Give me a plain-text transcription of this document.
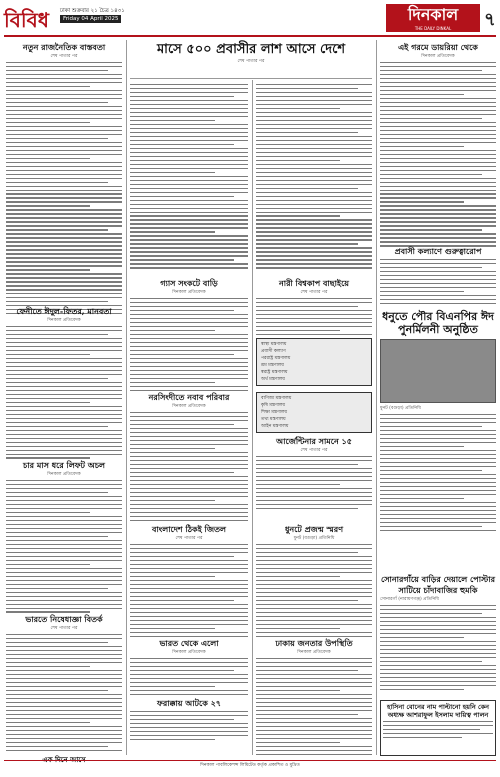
বিবিধ ঢাকা শুক্রবার ২১ চৈত্র ১৪৩১
Friday 04 April 2025	দিনকাল
THE DAILY DINKAL	৭
নতুন রাজনৈতিক বাস্তবতা
শেষ পাতার পর
ফেনীতে ঈদুল-ফিতর, মানবতা
দিনকাল প্রতিবেদক
চার মাস ধরে লিফট অচল
দিনকাল প্রতিবেদক
ভারতে নিষেধাজ্ঞা বিতর্ক
শেষ পাতার পর
এক দিনে আসে
মাসে ৫০০ প্রবাসীর লাশ আসে দেশে
শেষ পাতার পর
গ্যাস সংকটে বাড়ি
দিনকাল প্রতিবেদক
নারী বিশ্বকাপ বাছাইয়ে
শেষ পাতার পর
স্বাস্থ্য মন্ত্রণালয়
প্রবাসী কল্যাণ
পররাষ্ট্র মন্ত্রণালয়
শ্রম মন্ত্রণালয়
স্বরাষ্ট্র মন্ত্রণালয়
অর্থ মন্ত্রণালয়
নরসিংদীতে নবাব পরিবার
দিনকাল প্রতিবেদক
বাণিজ্য মন্ত্রণালয়
কৃষি মন্ত্রণালয়
শিক্ষা মন্ত্রণালয়
তথ্য মন্ত্রণালয়
আইন মন্ত্রণালয়
আর্জেন্টিনার সামনে ১৫
শেষ পাতার পর
বাংলাদেশ ঠিকই জিতল
শেষ পাতার পর
ধুনটে প্রজন্ম স্মরণ
ধুনট (বগুড়া) প্রতিনিধি
ভারত থেকে এলো
দিনকাল প্রতিবেদক
ফরাক্কায় আটকে ২৭
ঢাকায় জনতার উপস্থিতি
দিনকাল প্রতিবেদক
এই গরমে ডায়রিয়া থেকে
দিনকাল প্রতিবেদক
প্রবাসী কল্যাণে গুরুত্বারোপ
ধনুতে পৌর বিএনপির ঈদ পুনর্মিলনী অনুষ্ঠিত
ধুনট (বগুড়া) প্রতিনিধি
সোনারগাঁয়ে বাড়ির দেয়ালে পোস্টার সাটিয়ে চাঁদাবাজির হুমকি
সোনারগাঁ (নারায়ণগঞ্জ) প্রতিনিধি
হাসিনা বোনের নাম পাল্টানো হয়নি কেন অধ্যক্ষ আশরাফুল ইসলাম দায়িত্ব পালন
দিনকাল পাবলিকেশন্স লিমিটেড কর্তৃক প্রকাশিত ও মুদ্রিত
